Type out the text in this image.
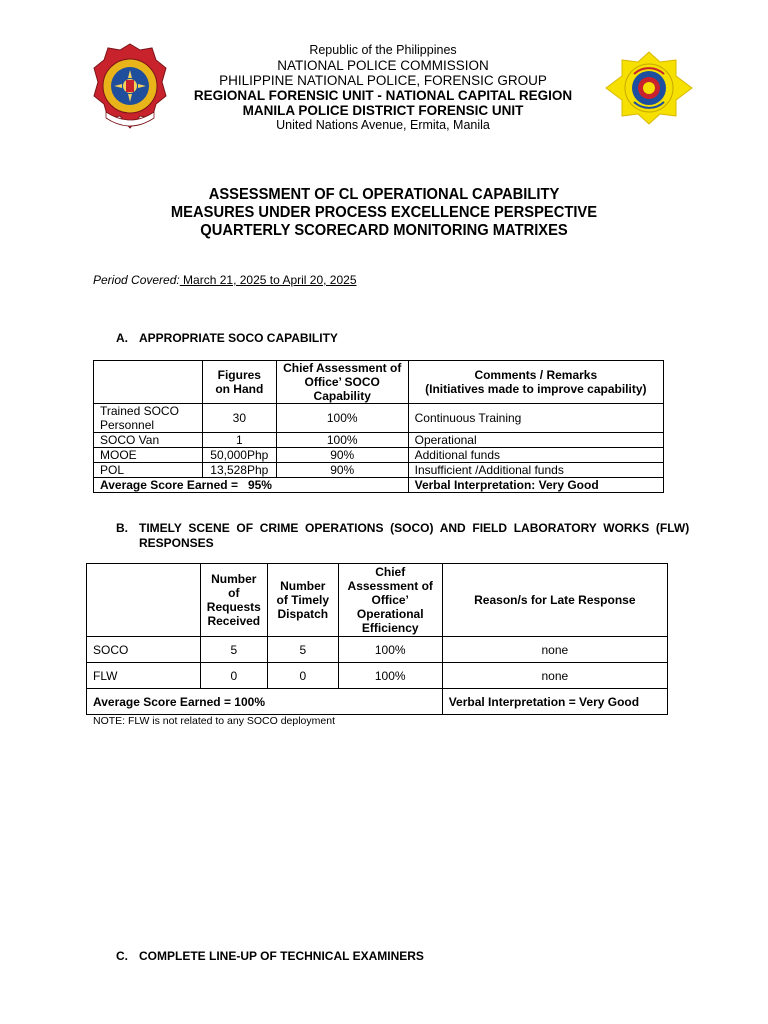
Republic of the Philippines
NATIONAL POLICE COMMISSION
PHILIPPINE NATIONAL POLICE, FORENSIC GROUP
REGIONAL FORENSIC UNIT - NATIONAL CAPITAL REGION
MANILA POLICE DISTRICT FORENSIC UNIT
United Nations Avenue, Ermita, Manila
ASSESSMENT OF CL OPERATIONAL CAPABILITY
MEASURES UNDER PROCESS EXCELLENCE PERSPECTIVE
QUARTERLY SCORECARD MONITORING MATRIXES
Period Covered: March 21, 2025 to April 20, 2025
A. APPROPRIATE SOCO CAPABILITY
	Figures on Hand	Chief Assessment of Office’ SOCO Capability	Comments / Remarks
(Initiatives made to improve capability)

Trained SOCO Personnel	30	100%	Continuous Training
SOCO Van	1	100%	Operational
MOOE	50,000Php	90%	Additional funds
POL	13,528Php	90%	Insufficient /Additional funds
Average Score Earned =   95%			Verbal Interpretation: Very Good
B. TIMELY  SCENE  OF  CRIME  OPERATIONS  (SOCO)  AND  FIELD  LABORATORY  WORKS  (FLW)
RESPONSES
	Number of Requests Received	Number of Timely Dispatch	Chief Assessment of Office’ Operational Efficiency	Reason/s for Late Response
SOCO	5	5	100%	none
FLW	0	0	100%	none

Average Score Earned = 100%				Verbal Interpretation = Very Good
NOTE: FLW is not related to any SOCO deployment
C. COMPLETE LINE-UP OF TECHNICAL EXAMINERS
